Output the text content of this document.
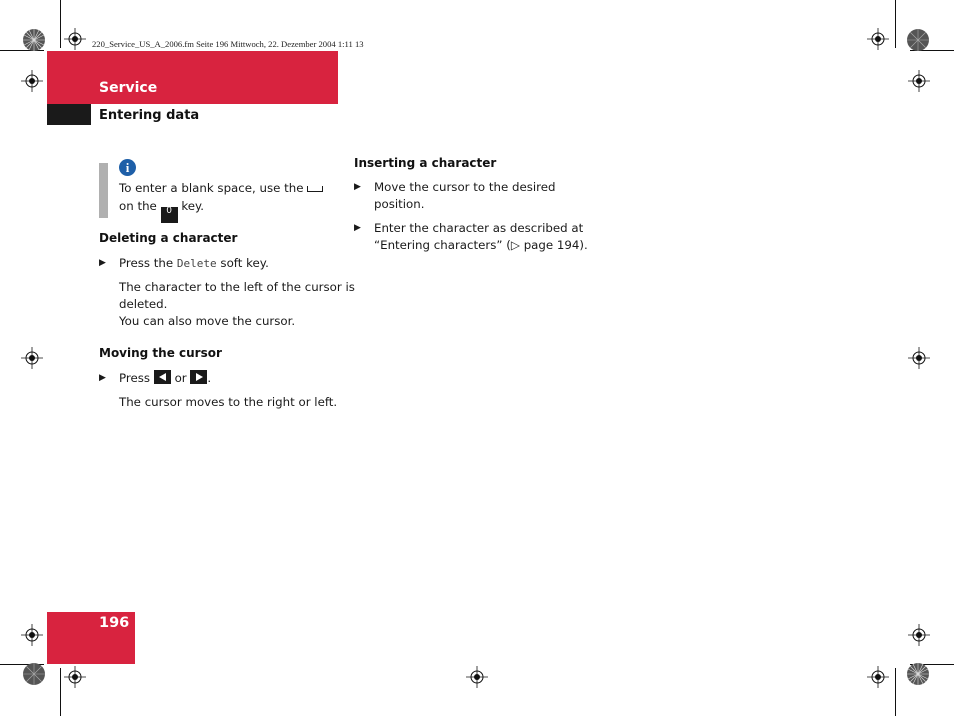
220_Service_US_A_2006.fm Seite 196 Mittwoch, 22. Dezember 2004 1:11 13
Service
Entering data
i
To enter a blank space, use the
on the 0 key.
Deleting a character
▶ Press the Delete soft key.
The character to the left of the cursor is
deleted.
You can also move the cursor.
Moving the cursor
▶ Press or .
The cursor moves to the right or left.
Inserting a character
▶ Move the cursor to the desired
position.
▶ Enter the character as described at
“Entering characters” (▷ page 194).
196
